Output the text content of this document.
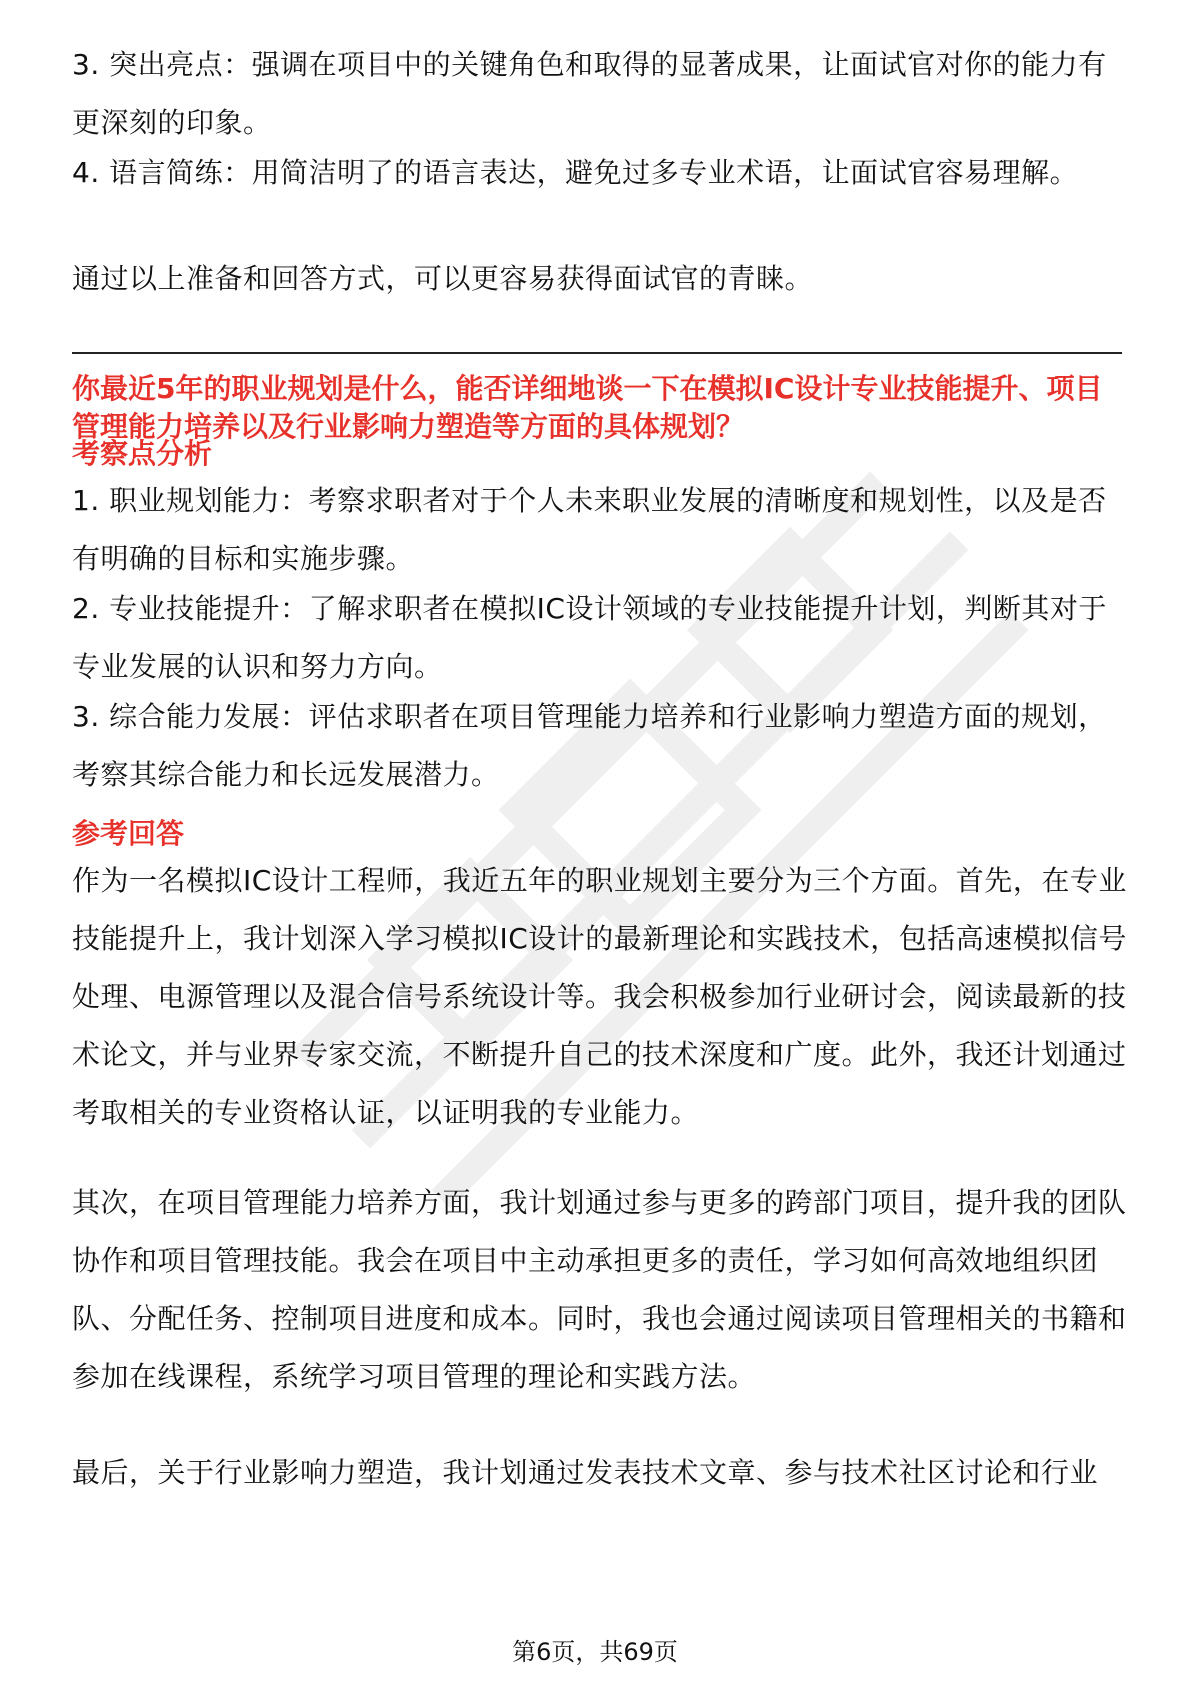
3. 突出亮点：强调在项目中的关键角色和取得的显著成果，让面试官对你的能力有更深刻的印象。

4. 语言简练：用简洁明了的语言表达，避免过多专业术语，让面试官容易理解。

通过以上准备和回答方式，可以更容易获得面试官的青睐。

你最近5年的职业规划是什么，能否详细地谈一下在模拟IC设计专业技能提升、项目管理能力培养以及行业影响力塑造等方面的具体规划？

考察点分析

1. 职业规划能力：考察求职者对于个人未来职业发展的清晰度和规划性，以及是否有明确的目标和实施步骤。

2. 专业技能提升：了解求职者在模拟IC设计领域的专业技能提升计划，判断其对于专业发展的认识和努力方向。

3. 综合能力发展：评估求职者在项目管理能力培养和行业影响力塑造方面的规划，考察其综合能力和长远发展潜力。

参考回答

作为一名模拟IC设计工程师，我近五年的职业规划主要分为三个方面。首先，在专业技能提升上，我计划深入学习模拟IC设计的最新理论和实践技术，包括高速模拟信号处理、电源管理以及混合信号系统设计等。我会积极参加行业研讨会，阅读最新的技术论文，并与业界专家交流，不断提升自己的技术深度和广度。此外，我还计划通过考取相关的专业资格认证，以证明我的专业能力。

其次，在项目管理能力培养方面，我计划通过参与更多的跨部门项目，提升我的团队协作和项目管理技能。我会在项目中主动承担更多的责任，学习如何高效地组织团队、分配任务、控制项目进度和成本。同时，我也会通过阅读项目管理相关的书籍和参加在线课程，系统学习项目管理的理论和实践方法。

最后，关于行业影响力塑造，我计划通过发表技术文章、参与技术社区讨论和行业

第6页，共69页
